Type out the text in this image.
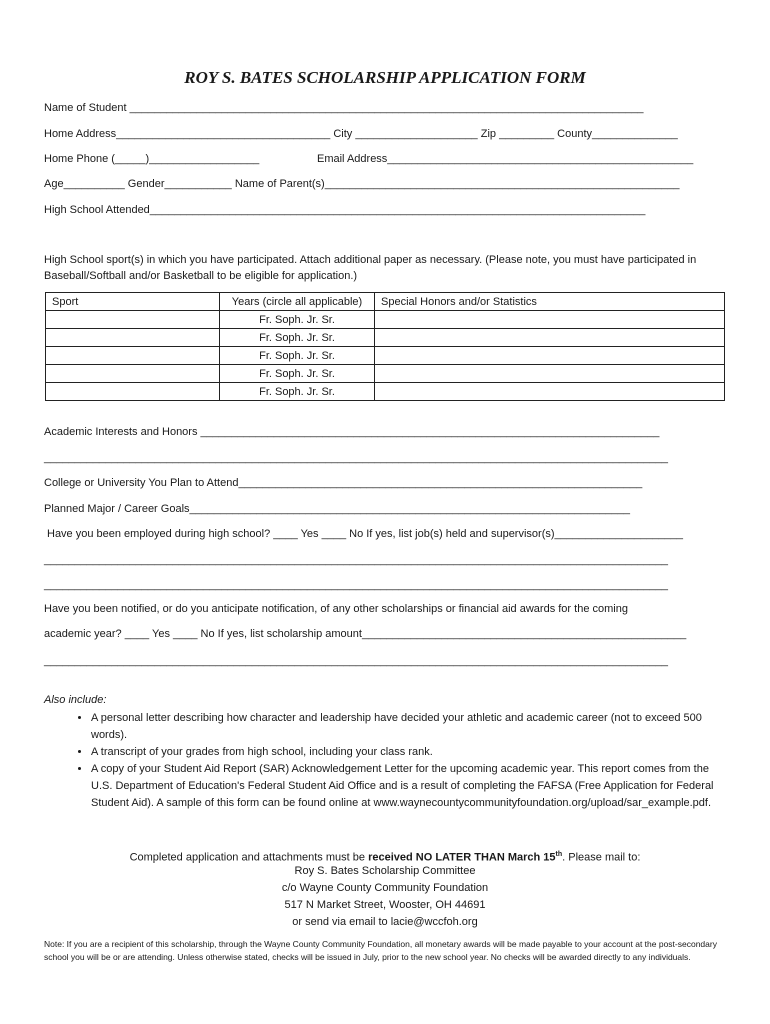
ROY S. BATES SCHOLARSHIP APPLICATION FORM
Name of Student ____________________________________________________________________________________
Home Address___________________________________ City ____________________ Zip _________ County______________
Home Phone (_____)__________________	Email Address__________________________________________________
Age__________ Gender___________ Name of Parent(s)__________________________________________________________
High School Attended_________________________________________________________________________________
High School sport(s) in which you have participated. Attach additional paper as necessary. (Please note, you must have participated in Baseball/Softball and/or Basketball to be eligible for application.)
Sport	Years (circle all applicable)	Special Honors and/or Statistics
	Fr. Soph. Jr. Sr.	
	Fr. Soph. Jr. Sr.	
	Fr. Soph. Jr. Sr.	
	Fr. Soph. Jr. Sr.	
	Fr. Soph. Jr. Sr.	
Academic Interests and Honors ___________________________________________________________________________
______________________________________________________________________________________________________
College or University You Plan to Attend__________________________________________________________________
Planned Major / Career Goals________________________________________________________________________
Have you been employed during high school? ____ Yes ____ No If yes, list job(s) held and supervisor(s)_____________________
______________________________________________________________________________________________________
______________________________________________________________________________________________________
Have you been notified, or do you anticipate notification, of any other scholarships or financial aid awards for the coming
academic year? ____ Yes ____ No If yes, list scholarship amount_____________________________________________________
______________________________________________________________________________________________________
Also include:
• A personal letter describing how character and leadership have decided your athletic and academic career (not to exceed 500 words).
• A transcript of your grades from high school, including your class rank.
• A copy of your Student Aid Report (SAR) Acknowledgement Letter for the upcoming academic year. This report comes from the U.S. Department of Education's Federal Student Aid Office and is a result of completing the FAFSA (Free Application for Federal Student Aid). A sample of this form can be found online at www.waynecountycommunityfoundation.org/upload/sar_example.pdf.
Completed application and attachments must be received NO LATER THAN March 15th. Please mail to:
Roy S. Bates Scholarship Committee
c/o Wayne County Community Foundation
517 N Market Street, Wooster, OH 44691
or send via email to lacie@wccfoh.org
Note: If you are a recipient of this scholarship, through the Wayne County Community Foundation, all monetary awards will be made payable to your account at the post-secondary school you will be or are attending. Unless otherwise stated, checks will be issued in July, prior to the new school year. No checks will be awarded directly to any individuals.
